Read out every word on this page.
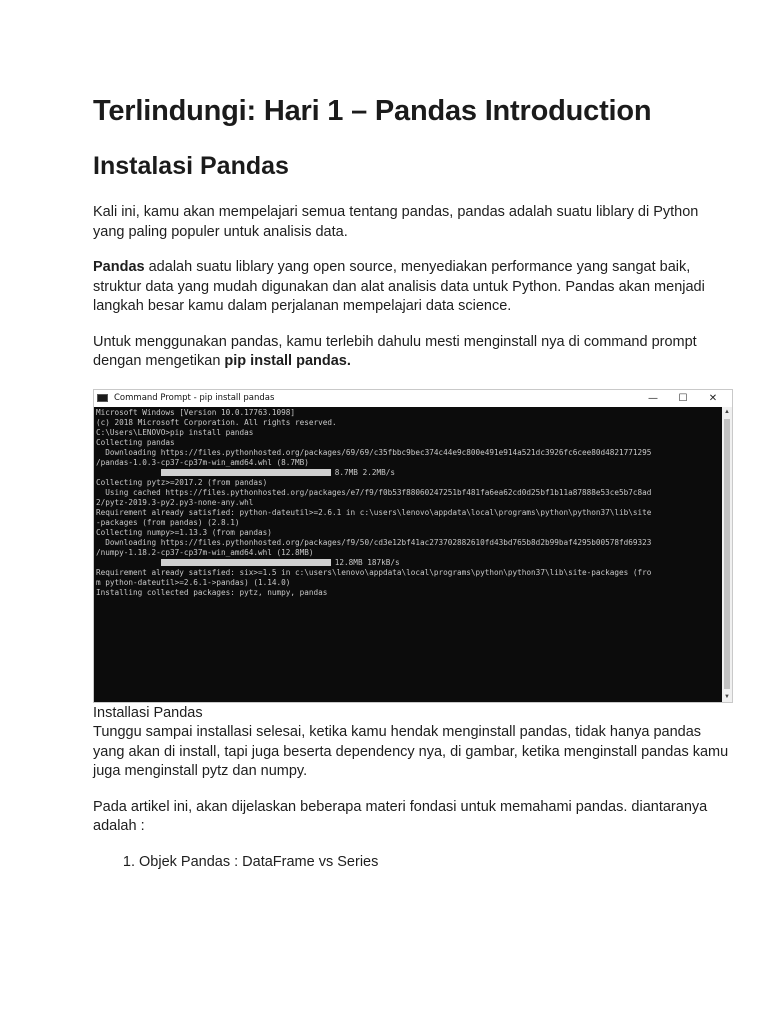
Terlindungi: Hari 1 – Pandas Introduction
Instalasi Pandas

Kali ini, kamu akan mempelajari semua tentang pandas, pandas adalah suatu liblary di Python yang paling populer untuk analisis data.

Pandas adalah suatu liblary yang open source, menyediakan performance yang sangat baik, struktur data yang mudah digunakan dan alat analisis data untuk Python. Pandas akan menjadi langkah besar kamu dalam perjalanan mempelajari data science.

Untuk menggunakan pandas, kamu terlebih dahulu mesti menginstall nya di command prompt dengan mengetikan pip install pandas.

Command Prompt - pip install pandas	—	☐	✕
Microsoft Windows [Version 10.0.17763.1098]
(c) 2018 Microsoft Corporation. All rights reserved.
C:\Users\LENOVO>pip install pandas
Collecting pandas
Downloading https://files.pythonhosted.org/packages/69/69/c35fbbc9bec374c44e9c800e491e914a521dc3926fc6cee80d4821771295
/pandas-1.0.3-cp37-cp37m-win_amd64.whl (8.7MB)
8.7MB 2.2MB/s
Collecting pytz>=2017.2 (from pandas)
Using cached https://files.pythonhosted.org/packages/e7/f9/f0b53f88060247251bf481fa6ea62cd0d25bf1b11a87888e53ce5b7c8ad
2/pytz-2019.3-py2.py3-none-any.whl
Requirement already satisfied: python-dateutil>=2.6.1 in c:\users\lenovo\appdata\local\programs\python\python37\lib\site
-packages (from pandas) (2.8.1)
Collecting numpy>=1.13.3 (from pandas)
Downloading https://files.pythonhosted.org/packages/f9/50/cd3e12bf41ac273702882610fd43bd765b8d2b99baf4295b00578fd69323
/numpy-1.18.2-cp37-cp37m-win_amd64.whl (12.8MB)
12.8MB 187kB/s
Requirement already satisfied: six>=1.5 in c:\users\lenovo\appdata\local\programs\python\python37\lib\site-packages (fro
m python-dateutil>=2.6.1->pandas) (1.14.0)
Installing collected packages: pytz, numpy, pandas
▲
▼

Installasi Pandas

Tunggu sampai installasi selesai, ketika kamu hendak menginstall pandas, tidak hanya pandas yang akan di install, tapi juga beserta dependency nya, di gambar, ketika menginstall pandas kamu juga menginstall pytz dan numpy.

Pada artikel ini, akan dijelaskan beberapa materi fondasi untuk memahami pandas. diantaranya adalah :

1. Objek Pandas : DataFrame vs Series
